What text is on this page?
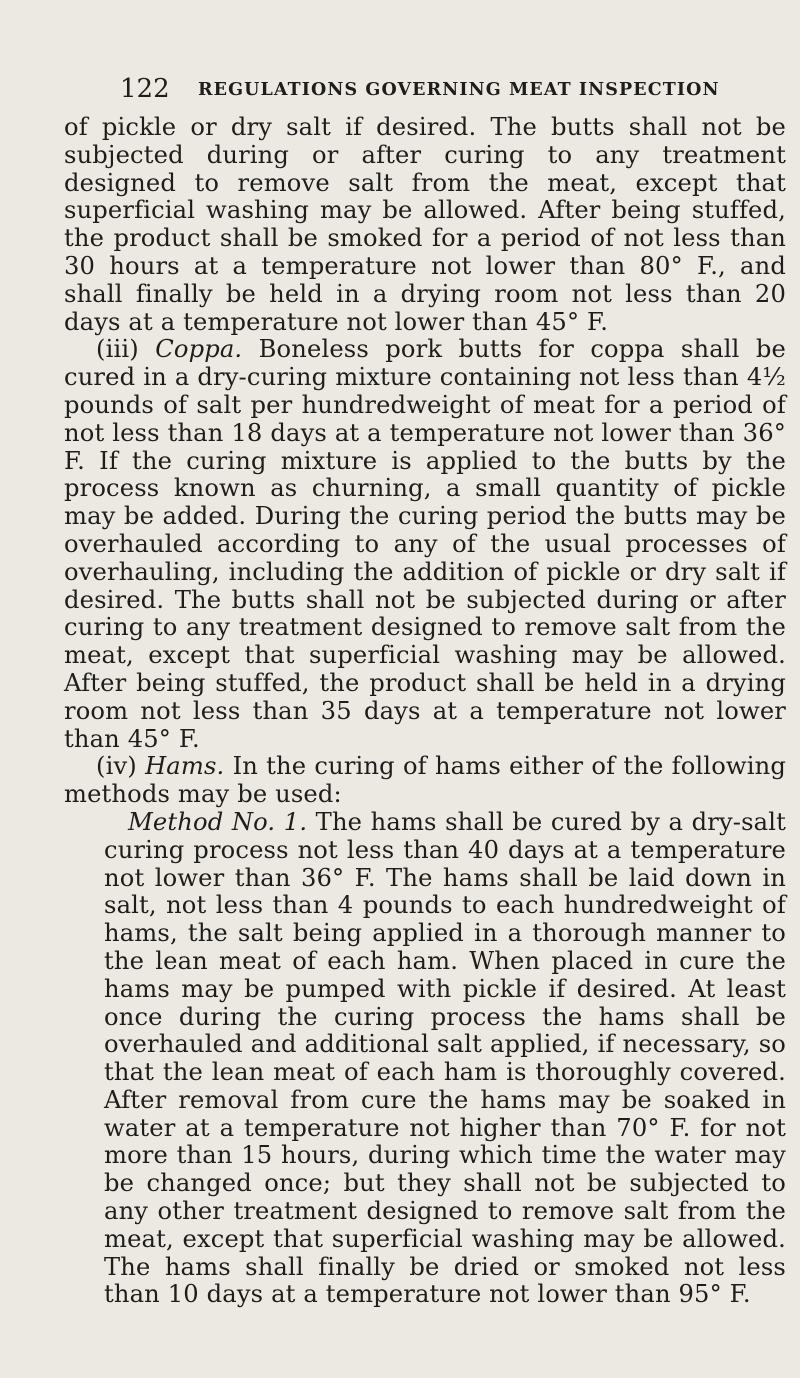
122 REGULATIONS GOVERNING MEAT INSPECTION

of pickle or dry salt if desired. The butts shall not be subjected during or after curing to any treatment designed to remove salt from the meat, except that superficial washing may be allowed. After being stuffed, the product shall be smoked for a period of not less than 30 hours at a temperature not lower than 80° F., and shall finally be held in a drying room not less than 20 days at a temperature not lower than 45° F.

(iii) Coppa. Boneless pork butts for coppa shall be cured in a dry-curing mixture containing not less than 4½ pounds of salt per hundredweight of meat for a period of not less than 18 days at a temperature not lower than 36° F. If the curing mixture is applied to the butts by the process known as churning, a small quantity of pickle may be added. During the curing period the butts may be overhauled according to any of the usual processes of overhauling, including the addition of pickle or dry salt if desired. The butts shall not be subjected during or after curing to any treatment designed to remove salt from the meat, except that superficial washing may be allowed. After being stuffed, the product shall be held in a drying room not less than 35 days at a temperature not lower than 45° F.

(iv) Hams. In the curing of hams either of the following methods may be used:

Method No. 1. The hams shall be cured by a dry-salt curing process not less than 40 days at a temperature not lower than 36° F. The hams shall be laid down in salt, not less than 4 pounds to each hundredweight of hams, the salt being applied in a thorough manner to the lean meat of each ham. When placed in cure the hams may be pumped with pickle if desired. At least once during the curing process the hams shall be overhauled and additional salt applied, if necessary, so that the lean meat of each ham is thoroughly covered. After removal from cure the hams may be soaked in water at a temperature not higher than 70° F. for not more than 15 hours, during which time the water may be changed once; but they shall not be subjected to any other treatment designed to remove salt from the meat, except that superficial washing may be allowed. The hams shall finally be dried or smoked not less than 10 days at a temperature not lower than 95° F.
